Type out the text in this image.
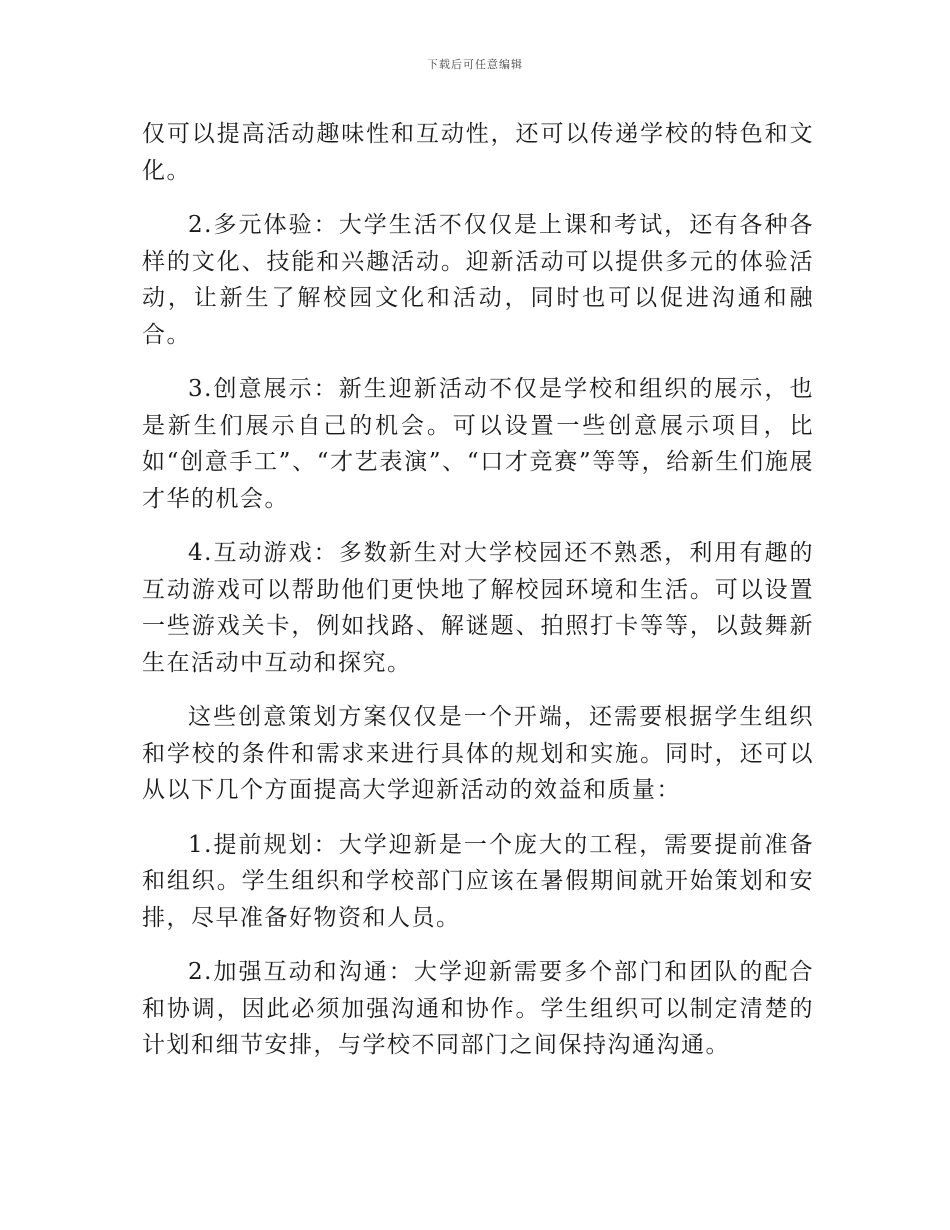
下载后可任意编辑

仅可以提高活动趣味性和互动性，还可以传递学校的特色和文化。

2.多元体验：大学生活不仅仅是上课和考试，还有各种各样的文化、技能和兴趣活动。迎新活动可以提供多元的体验活动，让新生了解校园文化和活动，同时也可以促进沟通和融合。

3.创意展示：新生迎新活动不仅是学校和组织的展示，也是新生们展示自己的机会。可以设置一些创意展示项目，比如“创意手工”、“才艺表演”、“口才竞赛”等等，给新生们施展才华的机会。

4.互动游戏：多数新生对大学校园还不熟悉，利用有趣的互动游戏可以帮助他们更快地了解校园环境和生活。可以设置一些游戏关卡，例如找路、解谜题、拍照打卡等等，以鼓舞新生在活动中互动和探究。

这些创意策划方案仅仅是一个开端，还需要根据学生组织和学校的条件和需求来进行具体的规划和实施。同时，还可以从以下几个方面提高大学迎新活动的效益和质量：

1.提前规划：大学迎新是一个庞大的工程，需要提前准备和组织。学生组织和学校部门应该在暑假期间就开始策划和安排，尽早准备好物资和人员。

2.加强互动和沟通：大学迎新需要多个部门和团队的配合和协调，因此必须加强沟通和协作。学生组织可以制定清楚的计划和细节安排，与学校不同部门之间保持沟通沟通。
